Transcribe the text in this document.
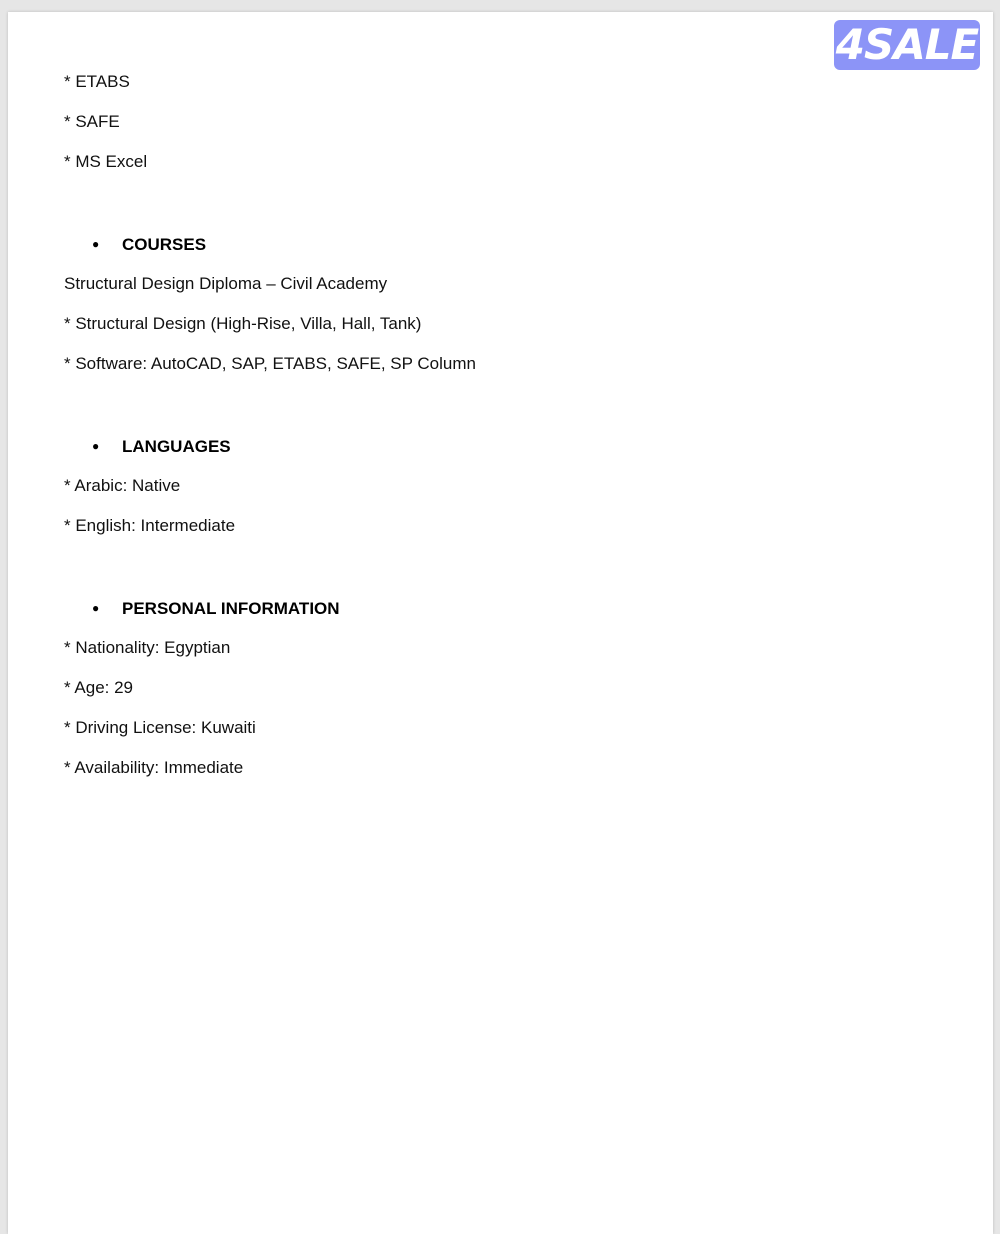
4SALE
* ETABS
* SAFE
* MS Excel
● COURSES
Structural Design Diploma – Civil Academy
* Structural Design (High-Rise, Villa, Hall, Tank)
* Software: AutoCAD, SAP, ETABS, SAFE, SP Column
● LANGUAGES
* Arabic: Native
* English: Intermediate
● PERSONAL INFORMATION
* Nationality: Egyptian
* Age: 29
* Driving License: Kuwaiti
* Availability: Immediate
